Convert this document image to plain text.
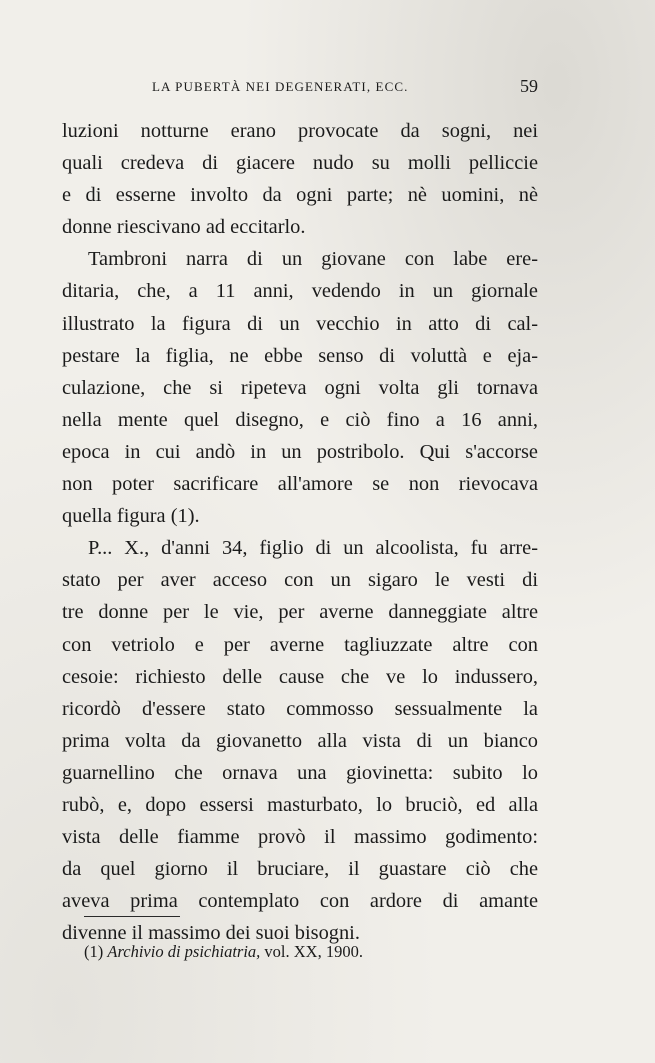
LA PUBERTÀ NEI DEGENERATI, ECC.	59
luzioni notturne erano provocate da sogni, nei
quali credeva di giacere nudo su molli pelliccie
e di esserne involto da ogni parte; nè uomini, nè
donne riescivano ad eccitarlo.
Tambroni narra di un giovane con labe ere-
ditaria, che, a 11 anni, vedendo in un giornale
illustrato la figura di un vecchio in atto di cal-
pestare la figlia, ne ebbe senso di voluttà e eja-
culazione, che si ripeteva ogni volta gli tornava
nella mente quel disegno, e ciò fino a 16 anni,
epoca in cui andò in un postribolo. Qui s'accorse
non poter sacrificare all'amore se non rievocava
quella figura (1).
P... X., d'anni 34, figlio di un alcoolista, fu arre-
stato per aver acceso con un sigaro le vesti di
tre donne per le vie, per averne danneggiate altre
con vetriolo e per averne tagliuzzate altre con
cesoie: richiesto delle cause che ve lo indussero,
ricordò d'essere stato commosso sessualmente la
prima volta da giovanetto alla vista di un bianco
guarnellino che ornava una giovinetta: subito lo
rubò, e, dopo essersi masturbato, lo bruciò, ed alla
vista delle fiamme provò il massimo godimento:
da quel giorno il bruciare, il guastare ciò che
aveva prima contemplato con ardore di amante
divenne il massimo dei suoi bisogni.
(1) Archivio di psichiatria, vol. XX, 1900.
